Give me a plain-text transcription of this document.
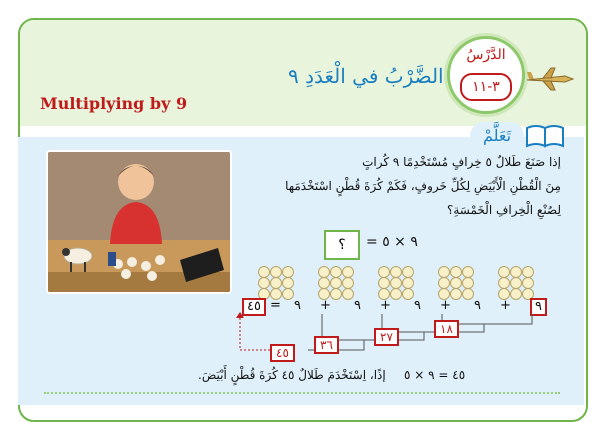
Multiplying by 9
الضَّرْبُ في الْعَدَدِ ٩
الدَّرْسُ
٣-١١
تَعَلَّمْ
إذا صَنَعَ طَلالٌ ٥ خِرافٍ مُسْتَخْدِمًا ٩ كُراتٍ
مِنَ الْقُطْنِ الْأَبْيَضِ لِكُلِّ خَروفٍ، فَكَمْ كُرَةَ قُطْنٍ اسْتَخْدَمَها
لِصُنْعِ الْخِرافِ الْخَمْسَةِ؟
؟	= ٩ × ٥
٤٥ = ٩ + ٩ + ٩ + ٩ +	٩
١٨
٢٧
٣٦
٤٥
إذًا، اِسْتَخْدَمَ طَلالٌ ٤٥ كُرَةَ قُطْنٍ أَبْيَضَ. ٤٥ = ٩ × ٥
